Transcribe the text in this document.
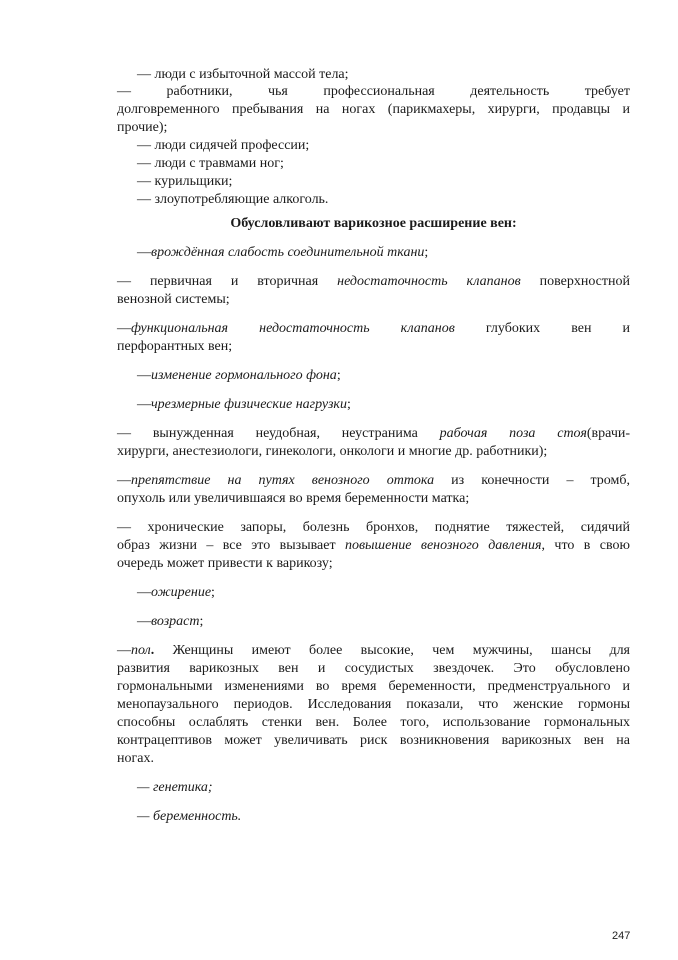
— люди с избыточной массой тела;
— работники, чья профессиональная деятельность требует
долговременного пребывания на ногах (парикмахеры, хирурги, продавцы и
прочие);
— люди сидячей профессии;
— люди с травмами ног;
— курильщики;
— злоупотребляющие алкоголь.
Обусловливают варикозное расширение вен:
—врождённая слабость соединительной ткани;
— первичная и вторичная недостаточность клапанов поверхностной
венозной системы;
—функциональная недостаточность клапанов глубоких вен и
перфорантных вен;
—изменение гормонального фона;
—чрезмерные физические нагрузки;
— вынужденная неудобная, неустранима рабочая поза стоя(врачи-
хирурги, анестезиологи, гинекологи, онкологи и многие др. работники);
—препятствие на путях венозного оттока из конечности – тромб,
опухоль или увеличившаяся во время беременности матка;
— хронические запоры, болезнь бронхов, поднятие тяжестей, сидячий
образ жизни – все это вызывает повышение венозного давления, что в свою
очередь может привести к варикозу;
—ожирение;
—возраст;
—пол. Женщины имеют более высокие, чем мужчины, шансы для
развития варикозных вен и сосудистых звездочек. Это обусловлено
гормональными изменениями во время беременности, предменструального и
менопаузального периодов. Исследования показали, что женские гормоны
способны ослаблять стенки вен. Более того, использование гормональных
контрацептивов может увеличивать риск возникновения варикозных вен на
ногах.
— генетика;
— беременность.
247
